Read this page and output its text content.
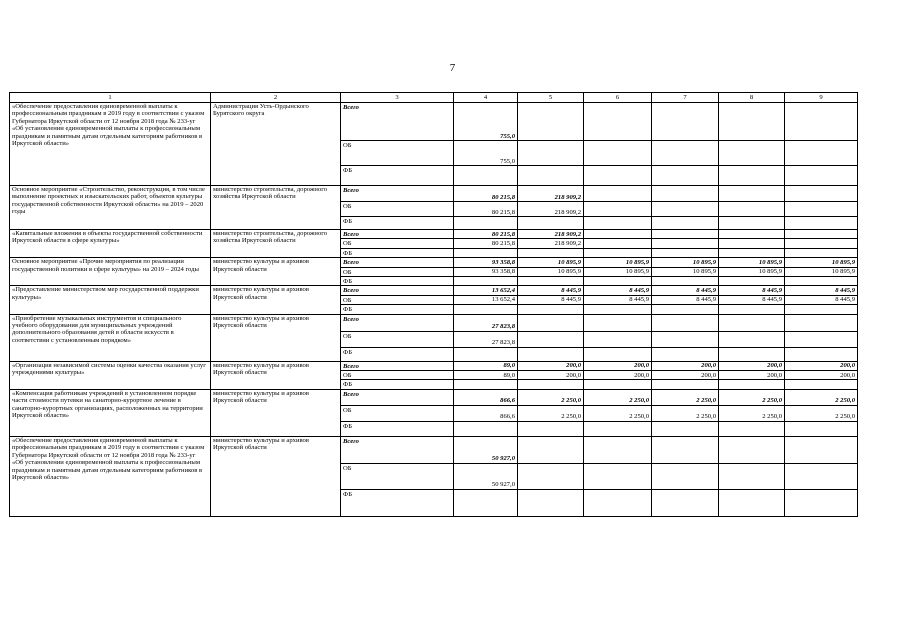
7
1	2	3	4	5	6	7	8	9
«Обеспечение предоставления единовременной выплаты к профессиональным праздникам в 2019 году в соответствии с указом Губернатора Иркутской области от 12 ноября 2018 года № 233-уг «Об установлении единовременной выплаты к профессиональным праздникам и памятным датам отдельным категориям работников в Иркутской области»	Администрация Усть-Ордынского Бурятского округа	Всего	755,0					
		ОБ	755,0					
		ФБ						
Основное мероприятие «Строительство, реконструкция, в том числе выполнение проектных и изыскательских работ, объектов культуры государственной собственности Иркутской области» на 2019 – 2020 годы	министерство строительства, дорожного хозяйства Иркутской области	Всего	80 215,8	218 909,2				
		ОБ	80 215,8	218 909,2				
		ФБ						
«Капитальные вложения в объекты государственной собственности Иркутской области в сфере культуры»	министерство строительства, дорожного хозяйства Иркутской области	Всего	80 215,8	218 909,2				
		ОБ	80 215,8	218 909,2				
		ФБ						
Основное мероприятие «Прочие мероприятия по реализации государственной политики в сфере культуры» на 2019 – 2024 годы	министерство культуры и архивов Иркутской области	Всего	93 358,8	10 895,9	10 895,9	10 895,9	10 895,9	10 895,9
		ОБ	93 358,8	10 895,9	10 895,9	10 895,9	10 895,9	10 895,9
		ФБ						
«Предоставление министерством мер государственной поддержки культуры»	министерство культуры и архивов Иркутской области	Всего	13 652,4	8 445,9	8 445,9	8 445,9	8 445,9	8 445,9
		ОБ	13 652,4	8 445,9	8 445,9	8 445,9	8 445,9	8 445,9
		ФБ						
«Приобретение музыкальных инструментов и специального учебного оборудования для муниципальных учреждений дополнительного образования детей в области искусств в соответствии с установленным порядком»	министерство культуры и архивов Иркутской области	Всего	27 823,8					
		ОБ	27 823,8					
		ФБ						
«Организация независимой системы оценки качества оказания услуг учреждениями культуры»	министерство культуры и архивов Иркутской области	Всего	89,0	200,0	200,0	200,0	200,0	200,0
		ОБ	89,0	200,0	200,0	200,0	200,0	200,0
		ФБ						
«Компенсация работникам учреждений в установленном порядке части стоимости путевки на санаторно-курортное лечение в санаторно-курортных организациях, расположенных на территории Иркутской области»	министерство культуры и архивов Иркутской области	Всего	866,6	2 250,0	2 250,0	2 250,0	2 250,0	2 250,0
		ОБ	866,6	2 250,0	2 250,0	2 250,0	2 250,0	2 250,0
		ФБ						
«Обеспечение предоставления единовременной выплаты к профессиональным праздникам в 2019 году в соответствии с указом Губернатора Иркутской области от 12 ноября 2018 года № 233-уг «Об установлении единовременной выплаты к профессиональным праздникам и памятным датам отдельным категориям работников в Иркутской области»	министерство культуры и архивов Иркутской области	Всего	50 927,0					
		ОБ	50 927,0					
		ФБ						
